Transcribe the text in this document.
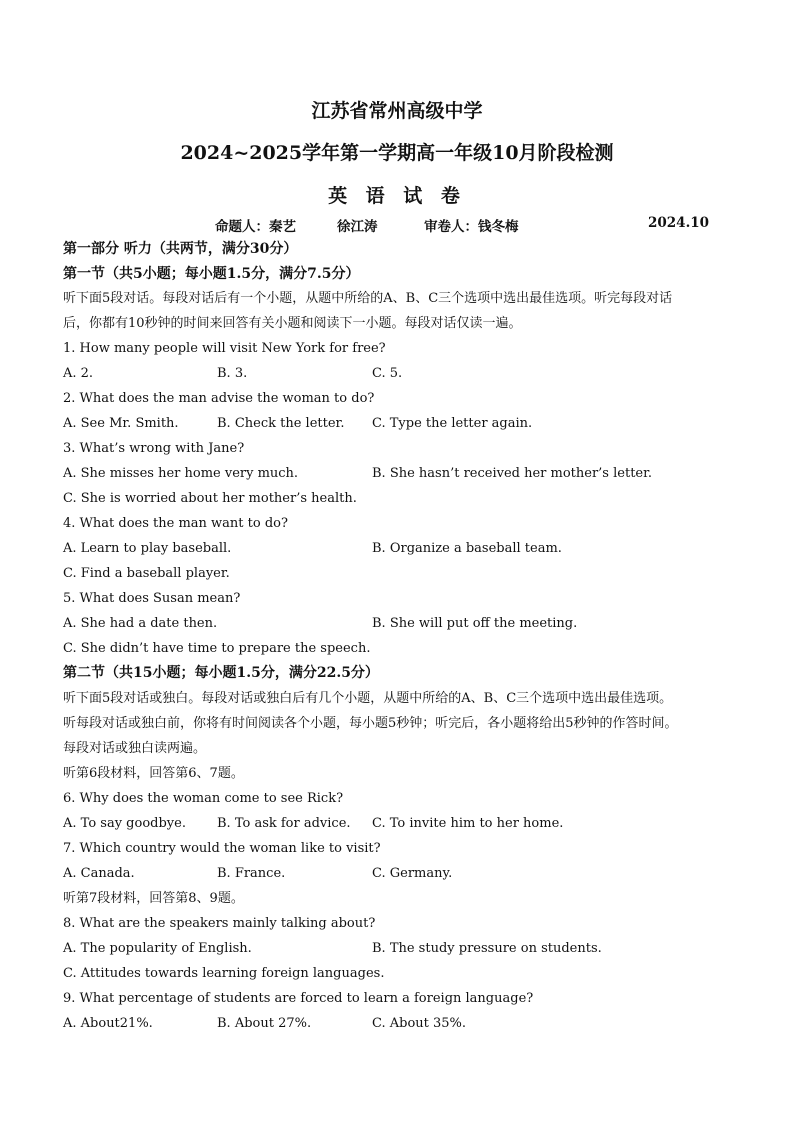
江苏省常州高级中学
2024~2025学年第一学期高一年级10月阶段检测
英 语 试 卷
命题人：秦艺	徐江涛	审卷人：钱冬梅	2024.10
第一部分 听力（共两节，满分30分）
第一节（共5小题；每小题1.5分，满分7.5分）
听下面5段对话。每段对话后有一个小题，从题中所给的A、B、C三个选项中选出最佳选项。听完每段对话
后，你都有10秒钟的时间来回答有关小题和阅读下一小题。每段对话仅读一遍。
1. How many people will visit New York for free?
A. 2.	B. 3.	C. 5.
2. What does the man advise the woman to do?
A. See Mr. Smith.	B. Check the letter. C. Type the letter again.
3. What’s wrong with Jane?
A. She misses her home very much.	B. She hasn’t received her mother’s letter.
C. She is worried about her mother’s health.
4. What does the man want to do?
A. Learn to play baseball.	B. Organize a baseball team.
C. Find a baseball player.
5. What does Susan mean?
A. She had a date then.	B. She will put off the meeting.
C. She didn’t have time to prepare the speech.
第二节（共15小题；每小题1.5分，满分22.5分）
听下面5段对话或独白。每段对话或独白后有几个小题，从题中所给的A、B、C三个选项中选出最佳选项。
听每段对话或独白前，你将有时间阅读各个小题，每小题5秒钟；听完后，各小题将给出5秒钟的作答时间。
每段对话或独白读两遍。
听第6段材料，回答第6、7题。
6. Why does the woman come to see Rick?
A. To say goodbye. B. To ask for advice. C. To invite him to her home.
7. Which country would the woman like to visit?
A. Canada.	B. France.	C. Germany.
听第7段材料，回答第8、9题。
8. What are the speakers mainly talking about?
A. The popularity of English.	B. The study pressure on students.
C. Attitudes towards learning foreign languages.
9. What percentage of students are forced to learn a foreign language?
A. About21%.	B. About 27%.	C. About 35%.
